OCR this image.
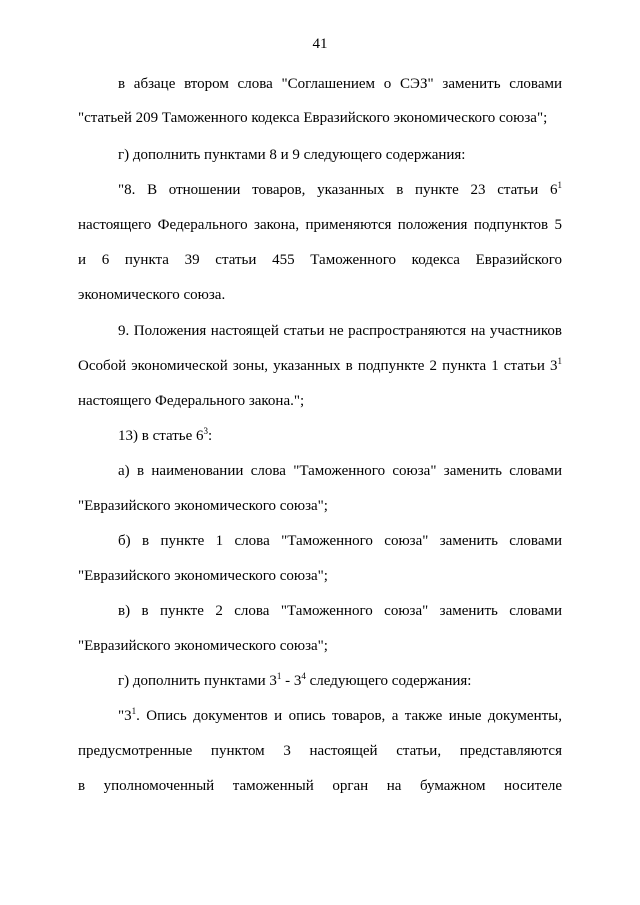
41
в абзаце втором слова "Соглашением о СЭЗ" заменить словами
"статьей 209 Таможенного кодекса Евразийского экономического союза";
г) дополнить пунктами 8 и 9 следующего содержания:
"8. В отношении товаров, указанных в пункте 23 статьи $6^1$
настоящего Федерального закона, применяются положения подпунктов 5
и 6 пункта 39 статьи 455 Таможенного кодекса Евразийского
экономического союза.
9. Положения настоящей статьи не распространяются на участников
Особой экономической зоны, указанных в подпункте 2 пункта 1 статьи $3^1$
настоящего Федерального закона.";
13) в статье $6^3$:
а) в наименовании слова "Таможенного союза" заменить словами
"Евразийского экономического союза";
б) в пункте 1 слова "Таможенного союза" заменить словами
"Евразийского экономического союза";
в) в пункте 2 слова "Таможенного союза" заменить словами
"Евразийского экономического союза";
г) дополнить пунктами $3^1 - 3^4$ следующего содержания:
"$3^1$. Опись документов и опись товаров, а также иные документы,
предусмотренные пунктом 3 настоящей статьи, представляются
в уполномоченный таможенный орган на бумажном носителе
